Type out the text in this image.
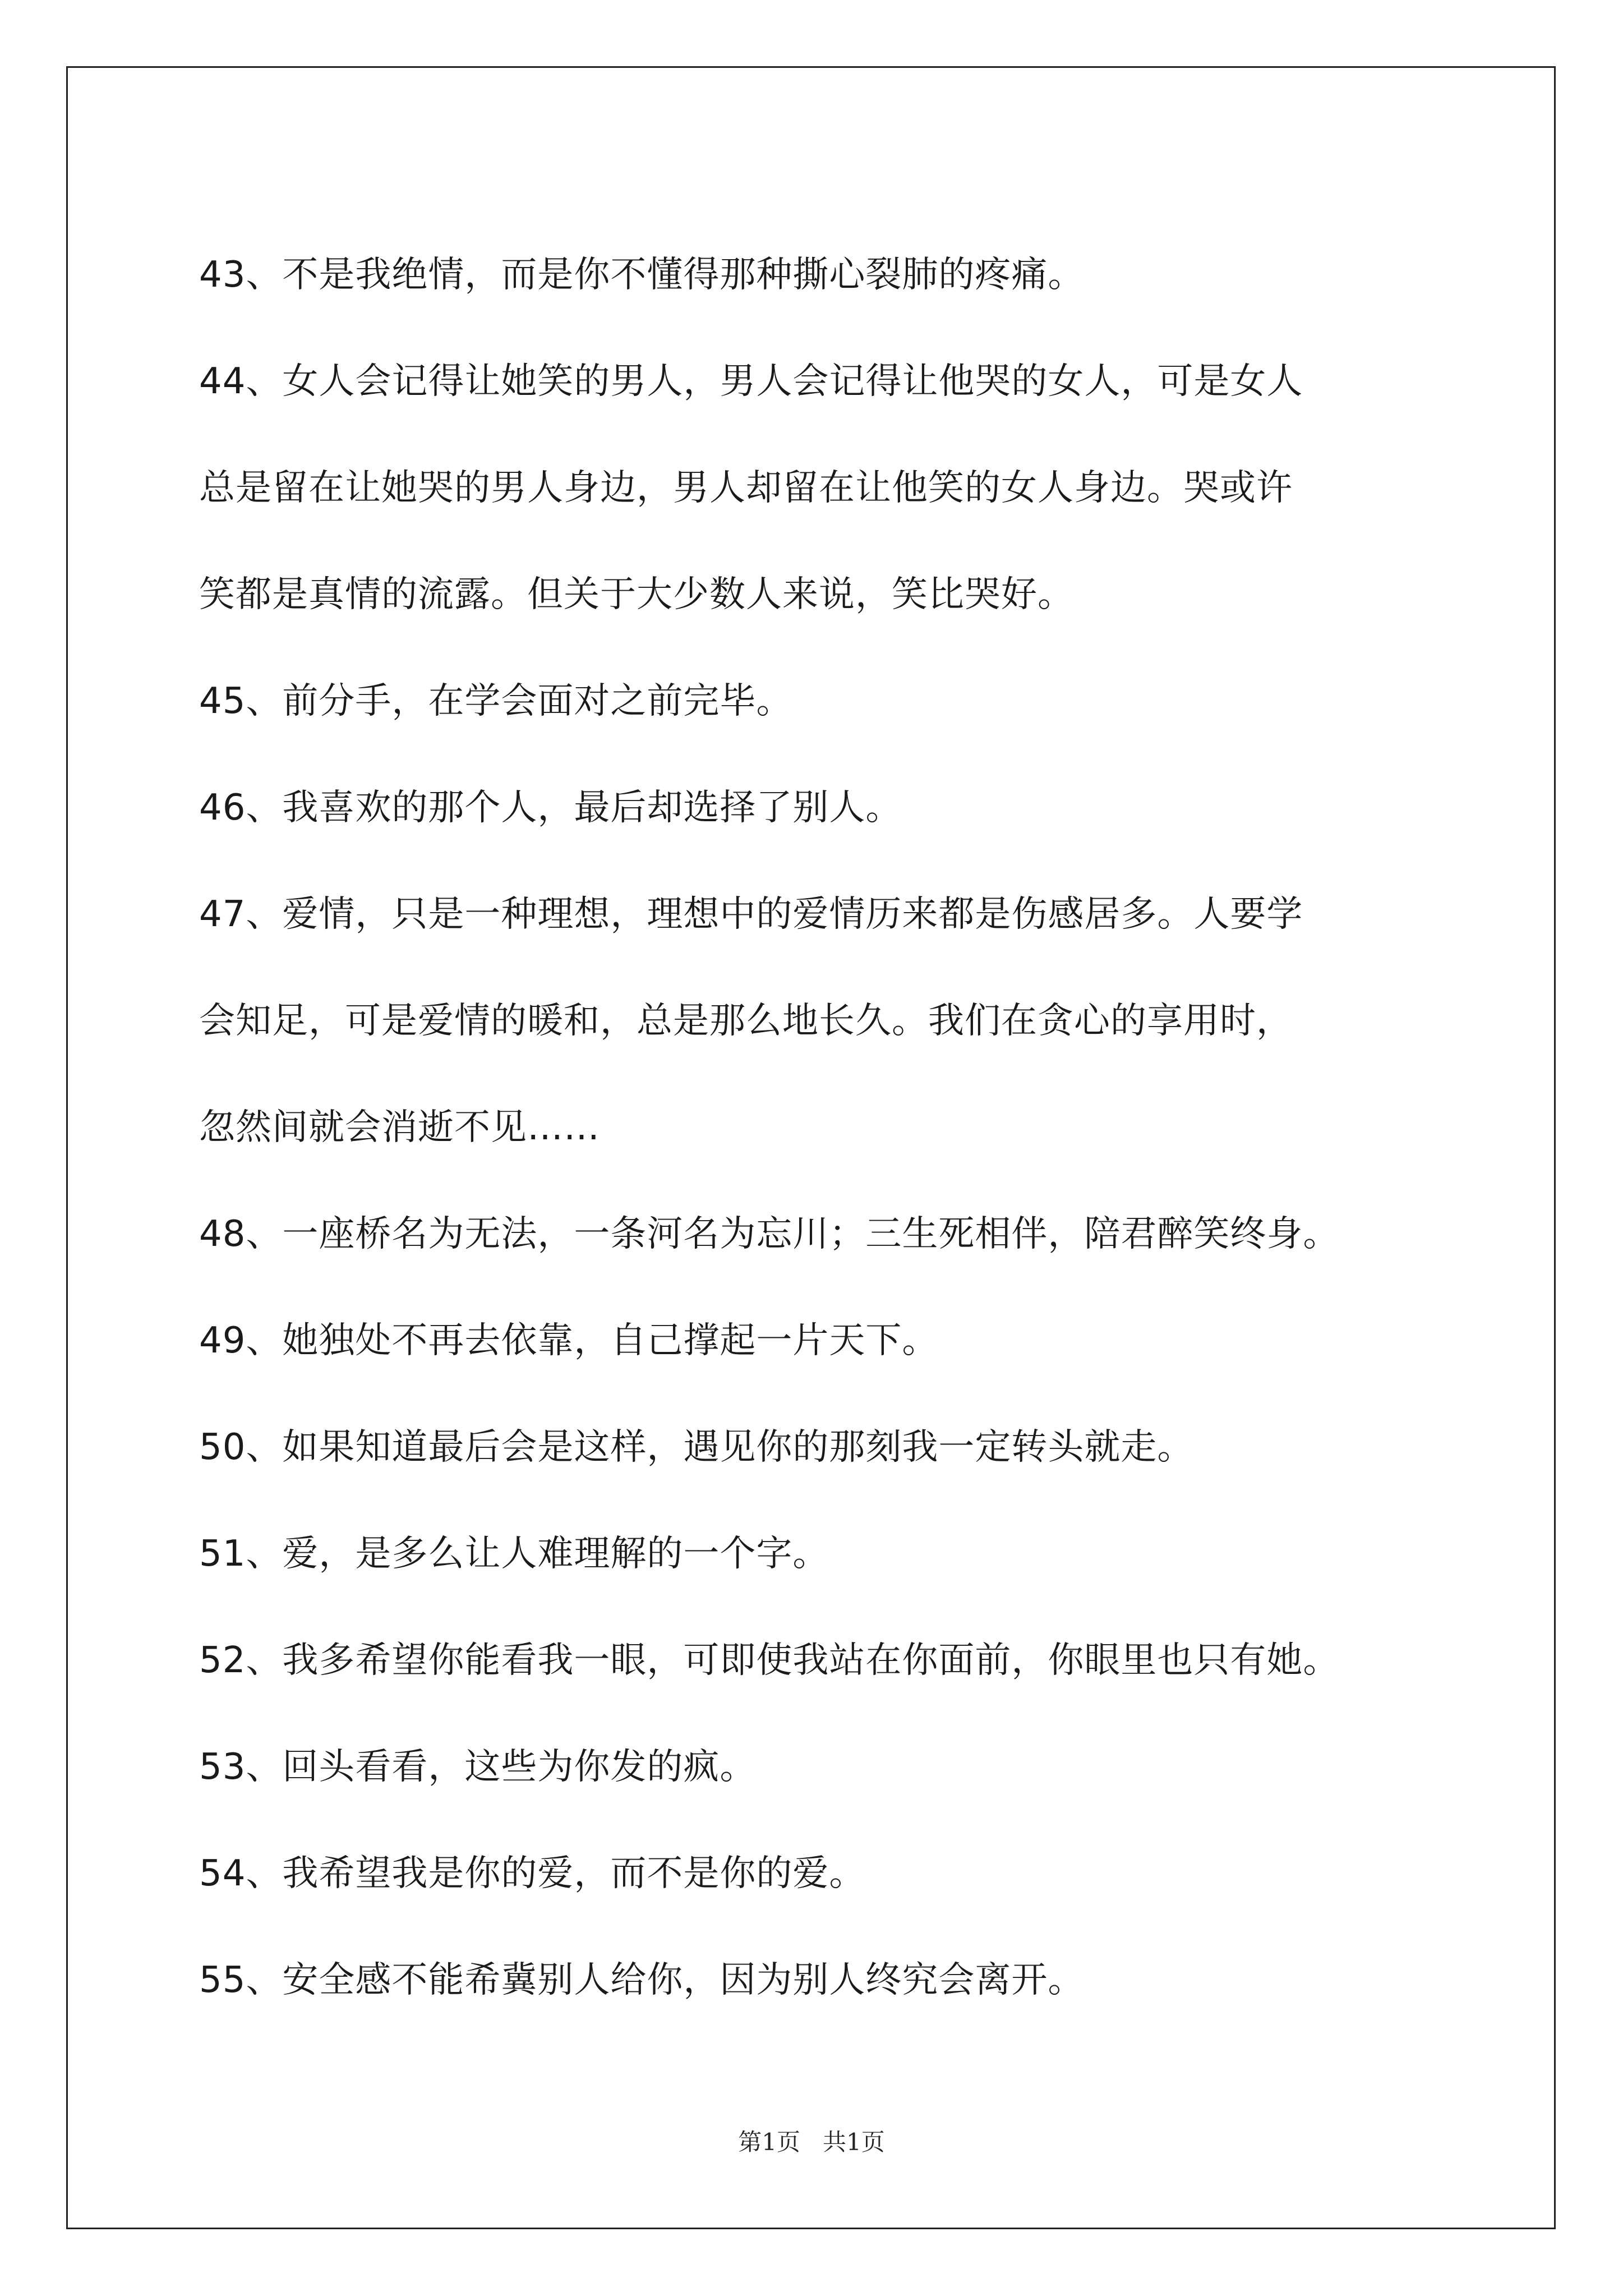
43、不是我绝情，而是你不懂得那种撕心裂肺的疼痛。
44、女人会记得让她笑的男人，男人会记得让他哭的女人，可是女人
总是留在让她哭的男人身边，男人却留在让他笑的女人身边。哭或许
笑都是真情的流露。但关于大少数人来说，笑比哭好。
45、前分手，在学会面对之前完毕。
46、我喜欢的那个人，最后却选择了别人。
47、爱情，只是一种理想，理想中的爱情历来都是伤感居多。人要学
会知足，可是爱情的暖和，总是那么地长久。我们在贪心的享用时，
忽然间就会消逝不见……
48、一座桥名为无法，一条河名为忘川；三生死相伴，陪君醉笑终身。
49、她独处不再去依靠，自己撑起一片天下。
50、如果知道最后会是这样，遇见你的那刻我一定转头就走。
51、爱，是多么让人难理解的一个字。
52、我多希望你能看我一眼，可即使我站在你面前，你眼里也只有她。
53、回头看看，这些为你发的疯。
54、我希望我是你的爱，而不是你的爱。
55、安全感不能希冀别人给你，因为别人终究会离开。
第1页   共1页
